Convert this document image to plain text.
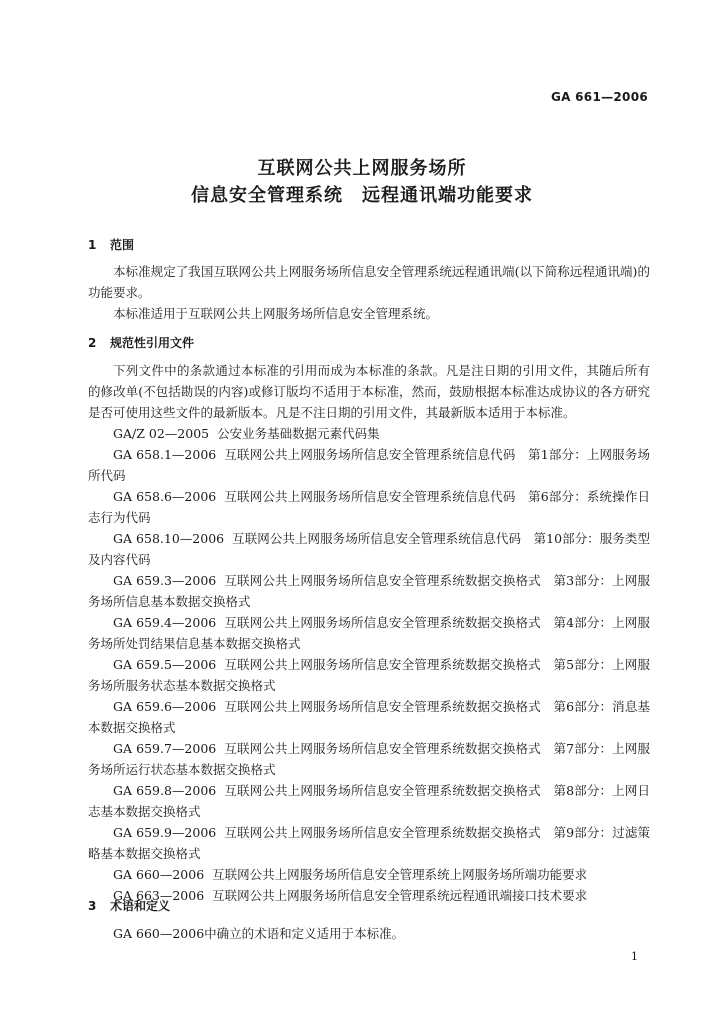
GA 661—2006
互联网公共上网服务场所
信息安全管理系统　远程通讯端功能要求
1 范围

本标准规定了我国互联网公共上网服务场所信息安全管理系统远程通讯端(以下简称远程通讯端)的功能要求。

本标准适用于互联网公共上网服务场所信息安全管理系统。

2 规范性引用文件

下列文件中的条款通过本标准的引用而成为本标准的条款。凡是注日期的引用文件，其随后所有的修改单(不包括勘误的内容)或修订版均不适用于本标准，然而，鼓励根据本标准达成协议的各方研究是否可使用这些文件的最新版本。凡是不注日期的引用文件，其最新版本适用于本标准。

GA/Z 02—2005 公安业务基础数据元素代码集

GA 658.1—2006 互联网公共上网服务场所信息安全管理系统信息代码　第1部分：上网服务场所代码

GA 658.6—2006 互联网公共上网服务场所信息安全管理系统信息代码　第6部分：系统操作日志行为代码

GA 658.10—2006 互联网公共上网服务场所信息安全管理系统信息代码　第10部分：服务类型及内容代码

GA 659.3—2006 互联网公共上网服务场所信息安全管理系统数据交换格式　第3部分：上网服务场所信息基本数据交换格式

GA 659.4—2006 互联网公共上网服务场所信息安全管理系统数据交换格式　第4部分：上网服务场所处罚结果信息基本数据交换格式

GA 659.5—2006 互联网公共上网服务场所信息安全管理系统数据交换格式　第5部分：上网服务场所服务状态基本数据交换格式

GA 659.6—2006 互联网公共上网服务场所信息安全管理系统数据交换格式　第6部分：消息基本数据交换格式

GA 659.7—2006 互联网公共上网服务场所信息安全管理系统数据交换格式　第7部分：上网服务场所运行状态基本数据交换格式

GA 659.8—2006 互联网公共上网服务场所信息安全管理系统数据交换格式　第8部分：上网日志基本数据交换格式

GA 659.9—2006 互联网公共上网服务场所信息安全管理系统数据交换格式　第9部分：过滤策略基本数据交换格式

GA 660—2006 互联网公共上网服务场所信息安全管理系统上网服务场所端功能要求

GA 663—2006 互联网公共上网服务场所信息安全管理系统远程通讯端接口技术要求

3 术语和定义

GA 660—2006中确立的术语和定义适用于本标准。

1
